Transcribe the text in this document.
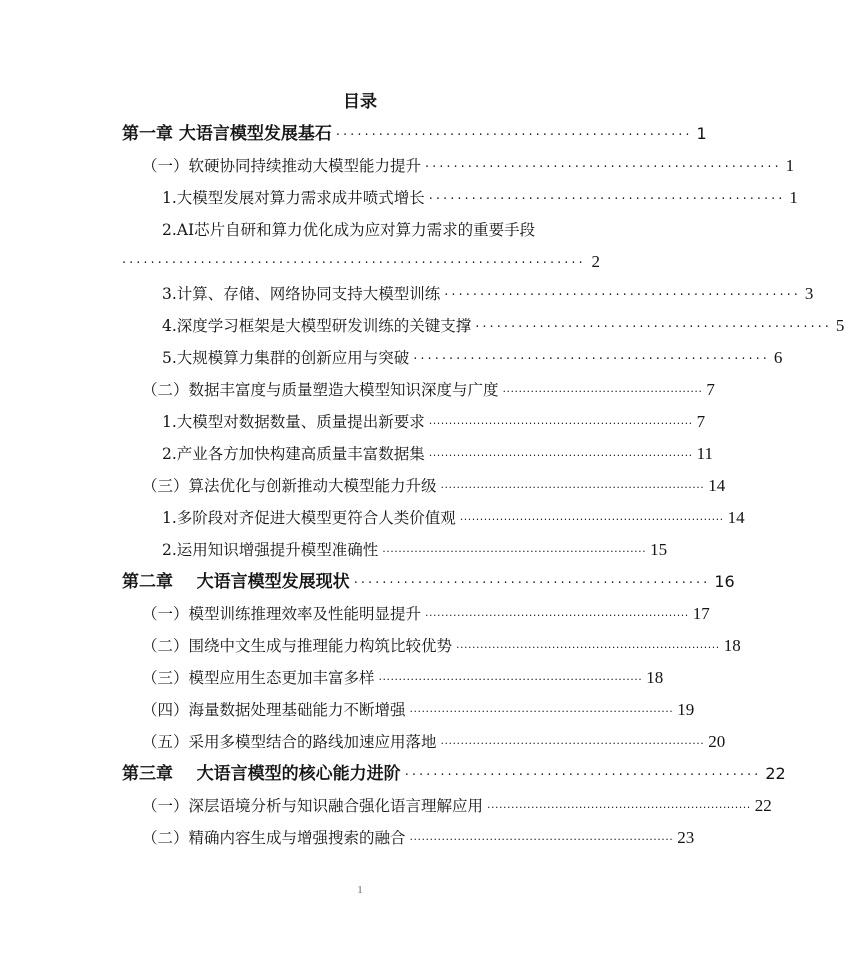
目录
第一章 大语言模型发展基石 ·················································· 1
（一）软硬协同持续推动大模型能力提升 ·················································· 1
1.大模型发展对算力需求成井喷式增长 ·················································· 1
2.AI芯片自研和算力优化成为应对算力需求的重要手段
································································· 2
3.计算、存储、网络协同支持大模型训练 ·················································· 3
4.深度学习框架是大模型研发训练的关键支撑 ·················································· 5
5.大规模算力集群的创新应用与突破 ·················································· 6
（二）数据丰富度与质量塑造大模型知识深度与广度 ·················································· 7
1.大模型对数据数量、质量提出新要求 ·································································· 7
2.产业各方加快构建高质量丰富数据集 ·································································· 11
（三）算法优化与创新推动大模型能力升级 ·································································· 14
1.多阶段对齐促进大模型更符合人类价值观 ·································································· 14
2.运用知识增强提升模型准确性 ·································································· 15
第二章    大语言模型发展现状 ·················································· 16
（一）模型训练推理效率及性能明显提升 ·································································· 17
（二）围绕中文生成与推理能力构筑比较优势 ·································································· 18
（三）模型应用生态更加丰富多样 ·································································· 18
（四）海量数据处理基础能力不断增强 ·································································· 19
（五）采用多模型结合的路线加速应用落地 ·································································· 20
第三章    大语言模型的核心能力进阶 ·················································· 22
（一）深层语境分析与知识融合强化语言理解应用 ·································································· 22
（二）精确内容生成与增强搜索的融合 ·································································· 23
1
